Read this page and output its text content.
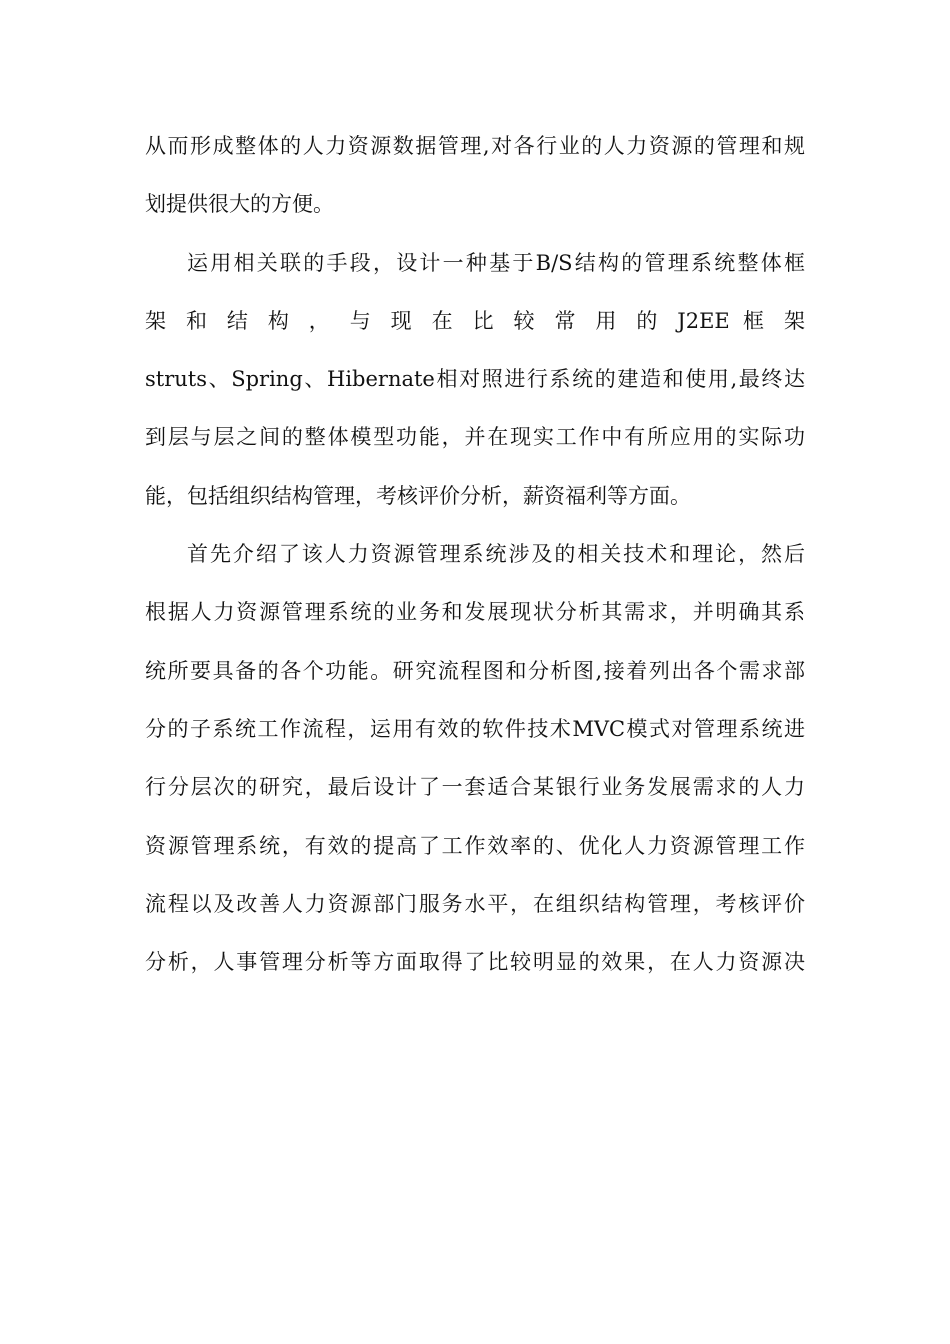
从而形成整体的人力资源数据管理,对各行业的人力资源的管理和规
划提供很大的方便。
运用相关联的手段，设计一种基于B/S结构的管理系统整体框
架 和 结 构 ， 与 现 在 比 较 常 用 的 J2EE 框 架
struts、Spring、Hibernate相对照进行系统的建造和使用,最终达
到层与层之间的整体模型功能，并在现实工作中有所应用的实际功
能，包括组织结构管理，考核评价分析，薪资福利等方面。
首先介绍了该人力资源管理系统涉及的相关技术和理论，然后
根据人力资源管理系统的业务和发展现状分析其需求，并明确其系
统所要具备的各个功能。研究流程图和分析图,接着列出各个需求部
分的子系统工作流程，运用有效的软件技术MVC模式对管理系统进
行分层次的研究，最后设计了一套适合某银行业务发展需求的人力
资源管理系统，有效的提高了工作效率的、优化人力资源管理工作
流程以及改善人力资源部门服务水平，在组织结构管理，考核评价
分析，人事管理分析等方面取得了比较明显的效果，在人力资源决
